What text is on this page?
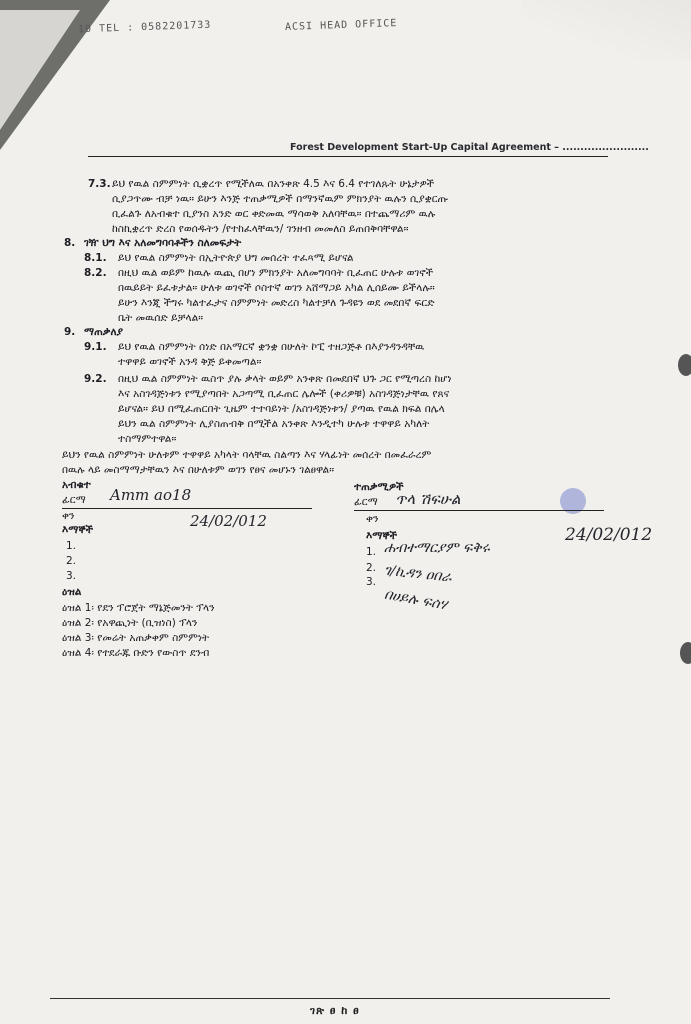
10 TEL : 0582201733	ACSI HEAD OFFICE
Forest Development Start-Up Capital Agreement – ........................
7.3. ይህ የዉል ስምምነት ሲቋረጥ የሚችለዉ በአንቀጽ 4.5 እና 6.4 የተገለጹት ሁኔታዎች
ሲያጋጥሙ ብቻ ነዉ። ይሁን እንጅ ተጠቃሚዎች በማንኛዉም ምክንያት ዉሉን ሲያቋርጡ
ቢፈልጉ ለአብቁተ ቢያንስ አንድ ወር ቀድመዉ ማሳወቅ አለባቸዉ። በተጨማሪም ዉሉ
ከስኪቋረጥ ድረስ የወሰዱትን /የተከፈላቸዉን/ ገንዘብ መመለስ ይጠበቅባቸዋል።
8. ገዥ ህግ እና አለመግባባቶችን ስለመፍታት
8.1. ይህ የዉል ስምምነት በኢትዮጵያ ህግ መሰረት ተፈጻሚ ይሆናል
8.2. በዚህ ዉል ወይም ከዉሉ ዉጪ በሆነ ምክንያት አለመግባባት ቢፈጠር ሁሉቱ ወገኖች
በዉይይት ይፈቱታል። ሁለቱ ወገኖች ሶስተኛ ወገን አሸማጋይ አካል ሊሰይሙ ይችላሉ።
ይሁን እንጂ ችግሩ ካልተፈታና ስምምነት መድረስ ካልተቻለ ጉዳዩን ወደ መደበኛ ፍርድ
ቤት መዉሰድ ይቻላል።
9. ማጠቃለያ
9.1. ይህ የዉል ስምምነት ሰነድ በአማርኛ ቋንቋ በሁለት ኮፒ ተዘጋጅቶ በእያንዳንዳቸዉ
ተዋዋይ ወገኖች አንዳ ቅጅ ይቀመጣል።
9.2. በዚህ ዉል ስምምነት ዉስጥ ያሉ ቃላት ወይም አንቀጽ በመደበኛ ህጉ ጋር የሚጣረስ ከሆነ
እና አስገዳጅነቱን የሚያጣበት አጋጣሚ ቢፈጠር ሌሎች (ቀሪዎቹ) አስገዳጅነታቸዉ የጸና
ይሆናል። ይህ በሚፈጠርበት ጊዜም ተተባይነት /አስገዳጅነቱን/ ያጣዉ የዉል ክፍል በሌላ
ይህን ዉል ስምምነት ሊያስጠብቅ በሚችል አንቀጽ እንዲተካ ሁሉቱ ተዋዋይ አካለት
ተስማምተዋል።
ይህን የዉል ስምምነት ሁለቱም ተዋዋይ አካላት ባላቸዉ ስልጣን እና ሃላፊነት መሰረት በመፈራረም
በዉሉ ላይ መስማማታቸዉን እና በሁለቱም ወገን የፀና መሆኑን ገልፀዋል።
አብቁተ
ፊርማ Amm ao18
ቀን	24/02/012
ተጠቃሚዎች
ፊርማ ጥላ ሽፍሁል
ቀን
24/02/012
እማኞች
1.
2.
3.
እማኞች
1. ሐብተማርያም ፍቅሩ
2. ገ/ኪዳን ዐበራ
3.
በሀይሉ ፍሰሃ
ዕዝል
ዕዝል 1፡ የደን ፕሮጀት ማኔጅመንት ፕላን
ዕዝል 2፡ የአዋጪነት (ቢዝነስ) ፕላን
ዕዝል 3፡ የመሬት አጠቃቀም ስምምነት
ዕዝል 4፡ የተደራጁ ቡድን የውስጥ ደንብ
ገጽ ፀ ከ ፀ
